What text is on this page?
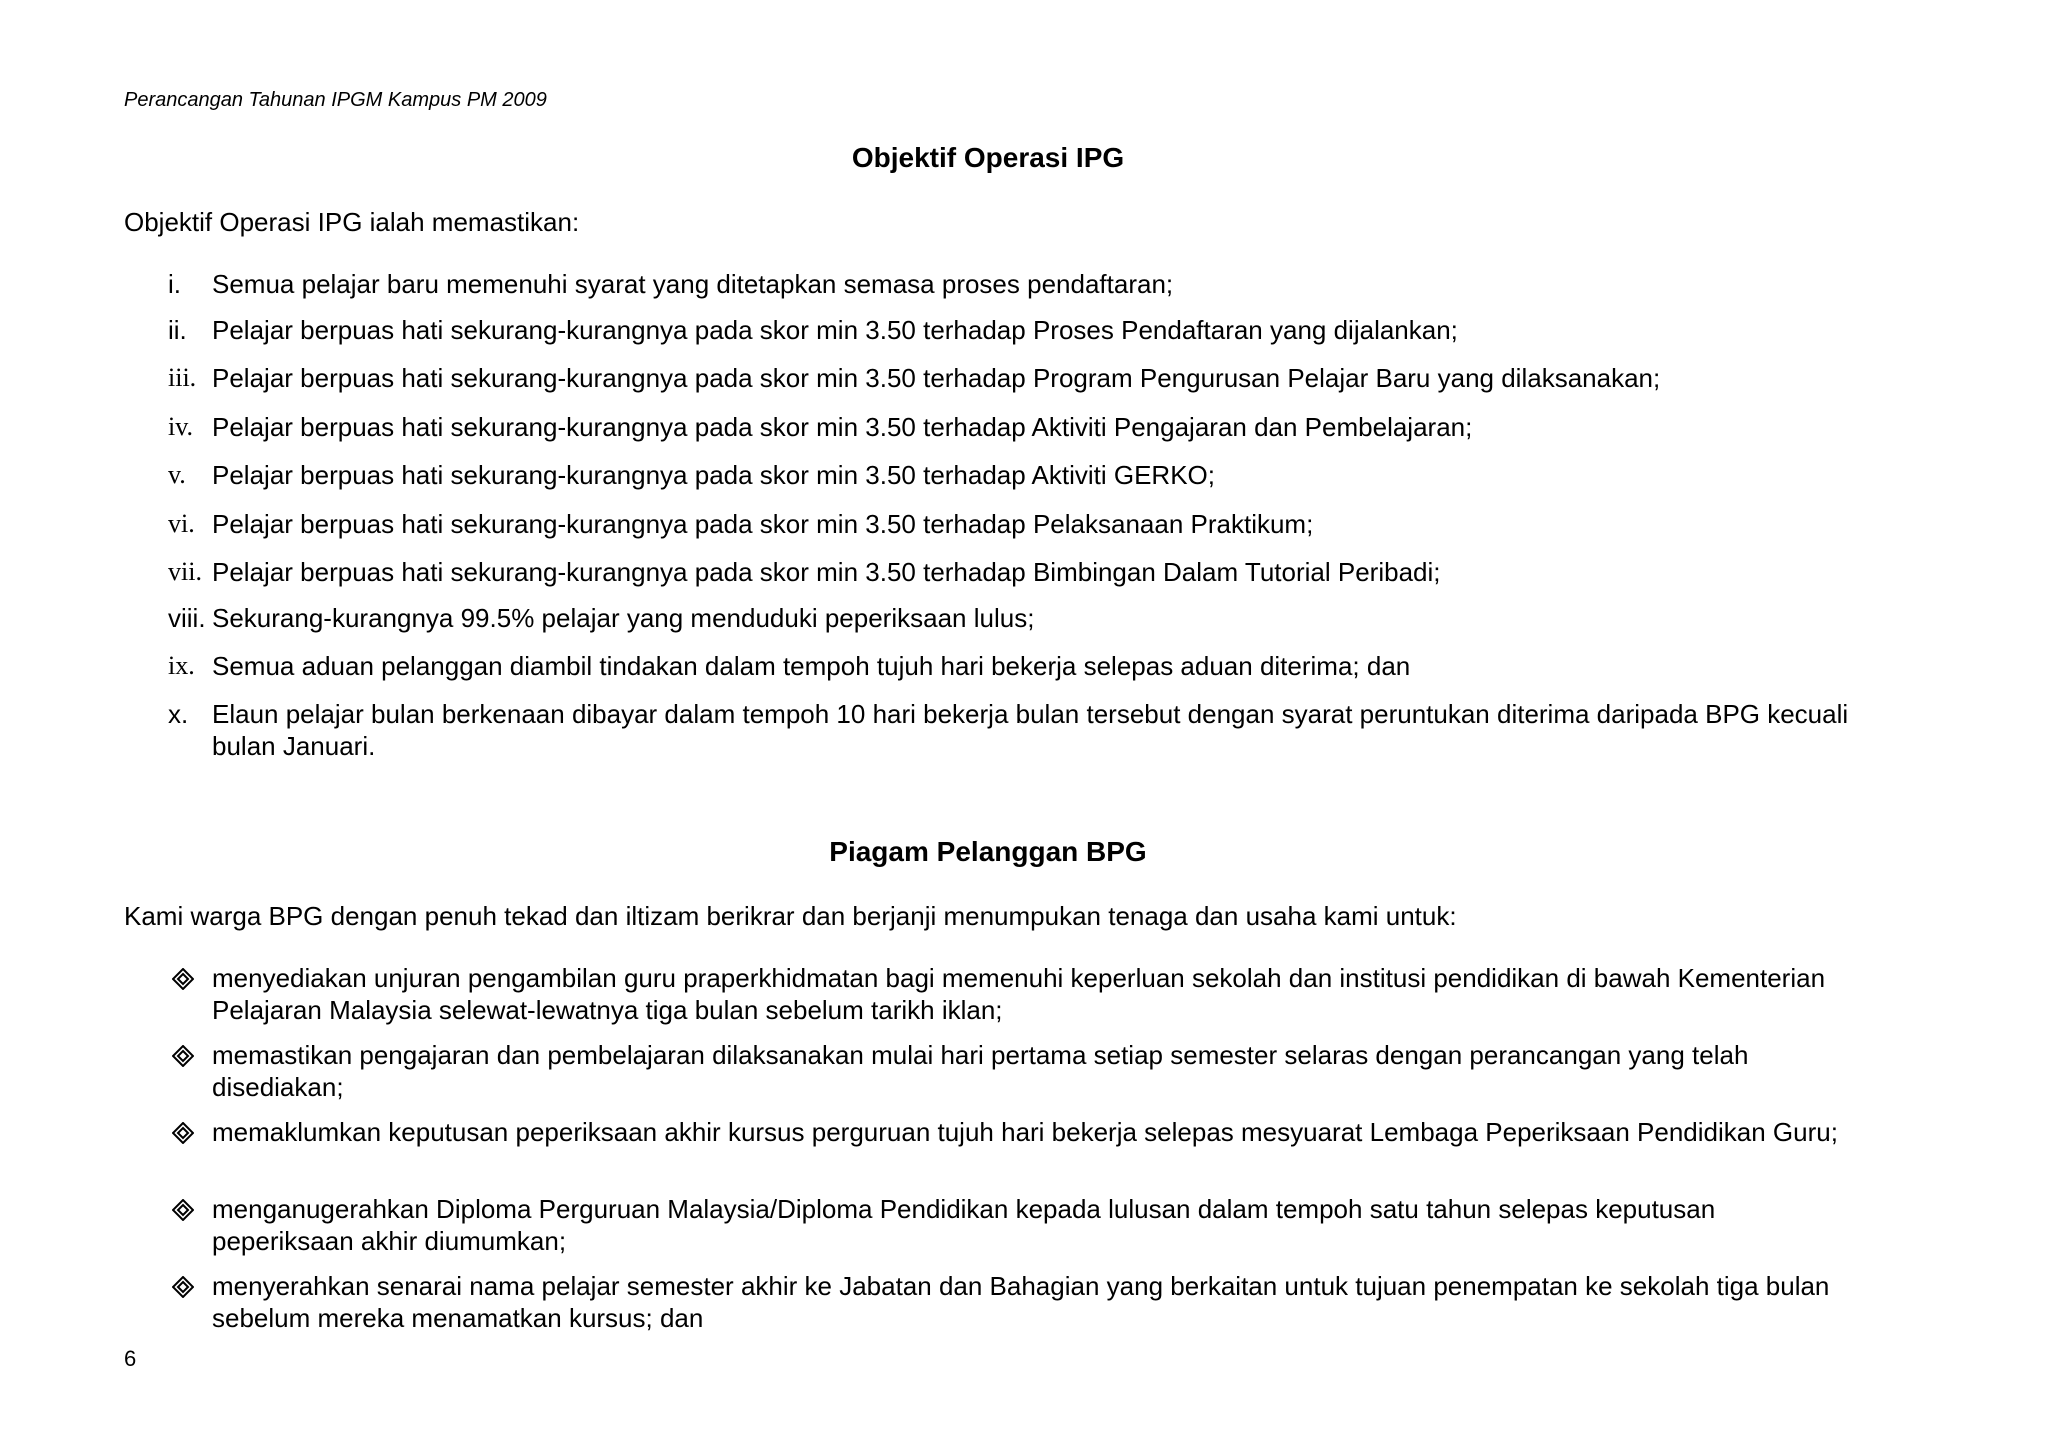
Perancangan Tahunan IPGM Kampus PM 2009
Objektif Operasi IPG
Objektif Operasi IPG ialah memastikan:
i.	Semua pelajar baru memenuhi syarat yang ditetapkan semasa proses pendaftaran;
ii. Pelajar berpuas hati sekurang-kurangnya pada skor min 3.50 terhadap Proses Pendaftaran yang dijalankan;
iii. Pelajar berpuas hati sekurang-kurangnya pada skor min 3.50 terhadap Program Pengurusan Pelajar Baru yang dilaksanakan;
iv. Pelajar berpuas hati sekurang-kurangnya pada skor min 3.50 terhadap Aktiviti Pengajaran dan Pembelajaran;
v.	Pelajar berpuas hati sekurang-kurangnya pada skor min 3.50 terhadap Aktiviti GERKO;
vi. Pelajar berpuas hati sekurang-kurangnya pada skor min 3.50 terhadap Pelaksanaan Praktikum;
vii. Pelajar berpuas hati sekurang-kurangnya pada skor min 3.50 terhadap Bimbingan Dalam Tutorial Peribadi;
viii. Sekurang-kurangnya 99.5% pelajar yang menduduki peperiksaan lulus;
ix. Semua aduan pelanggan diambil tindakan dalam tempoh tujuh hari bekerja selepas aduan diterima; dan
x. Elaun pelajar bulan berkenaan dibayar dalam tempoh 10 hari bekerja bulan tersebut dengan syarat peruntukan diterima daripada BPG kecuali bulan Januari.
Piagam Pelanggan BPG
Kami warga BPG dengan penuh tekad dan iltizam berikrar dan berjanji menumpukan tenaga dan usaha kami untuk:
menyediakan unjuran pengambilan guru praperkhidmatan bagi memenuhi keperluan sekolah dan institusi pendidikan di bawah Kementerian Pelajaran Malaysia selewat-lewatnya tiga bulan sebelum tarikh iklan;
memastikan pengajaran dan pembelajaran dilaksanakan mulai hari pertama setiap semester selaras dengan perancangan yang telah disediakan;
memaklumkan keputusan peperiksaan akhir kursus perguruan tujuh hari bekerja selepas mesyuarat Lembaga Peperiksaan Pendidikan Guru;
menganugerahkan Diploma Perguruan Malaysia/Diploma Pendidikan kepada lulusan dalam tempoh satu tahun selepas keputusan peperiksaan akhir diumumkan;
menyerahkan senarai nama pelajar semester akhir ke Jabatan dan Bahagian yang berkaitan untuk tujuan penempatan ke sekolah tiga bulan sebelum mereka menamatkan kursus; dan
6
